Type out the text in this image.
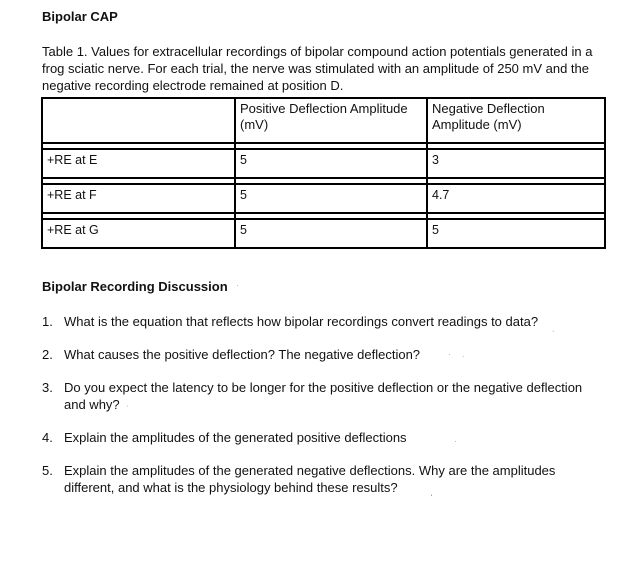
Bipolar CAP
Table 1. Values for extracellular recordings of bipolar compound action potentials generated in a frog sciatic nerve. For each trial, the nerve was stimulated with an amplitude of 250 mV and the negative recording electrode remained at position D.
	Positive Deflection Amplitude (mV)	Negative Deflection Amplitude (mV)

+RE at E	5	3

+RE at F	5	4.7

+RE at G	5	5
Bipolar Recording Discussion
1. What is the equation that reflects how bipolar recordings convert readings to data?
2. What causes the positive deflection? The negative deflection?
3. Do you expect the latency to be longer for the positive deflection or the negative deflection and why?
4. Explain the amplitudes of the generated positive deflections
5. Explain the amplitudes of the generated negative deflections. Why are the amplitudes different, and what is the physiology behind these results?
ˎ
· ˎ
ˈ
·
ˈ
·
